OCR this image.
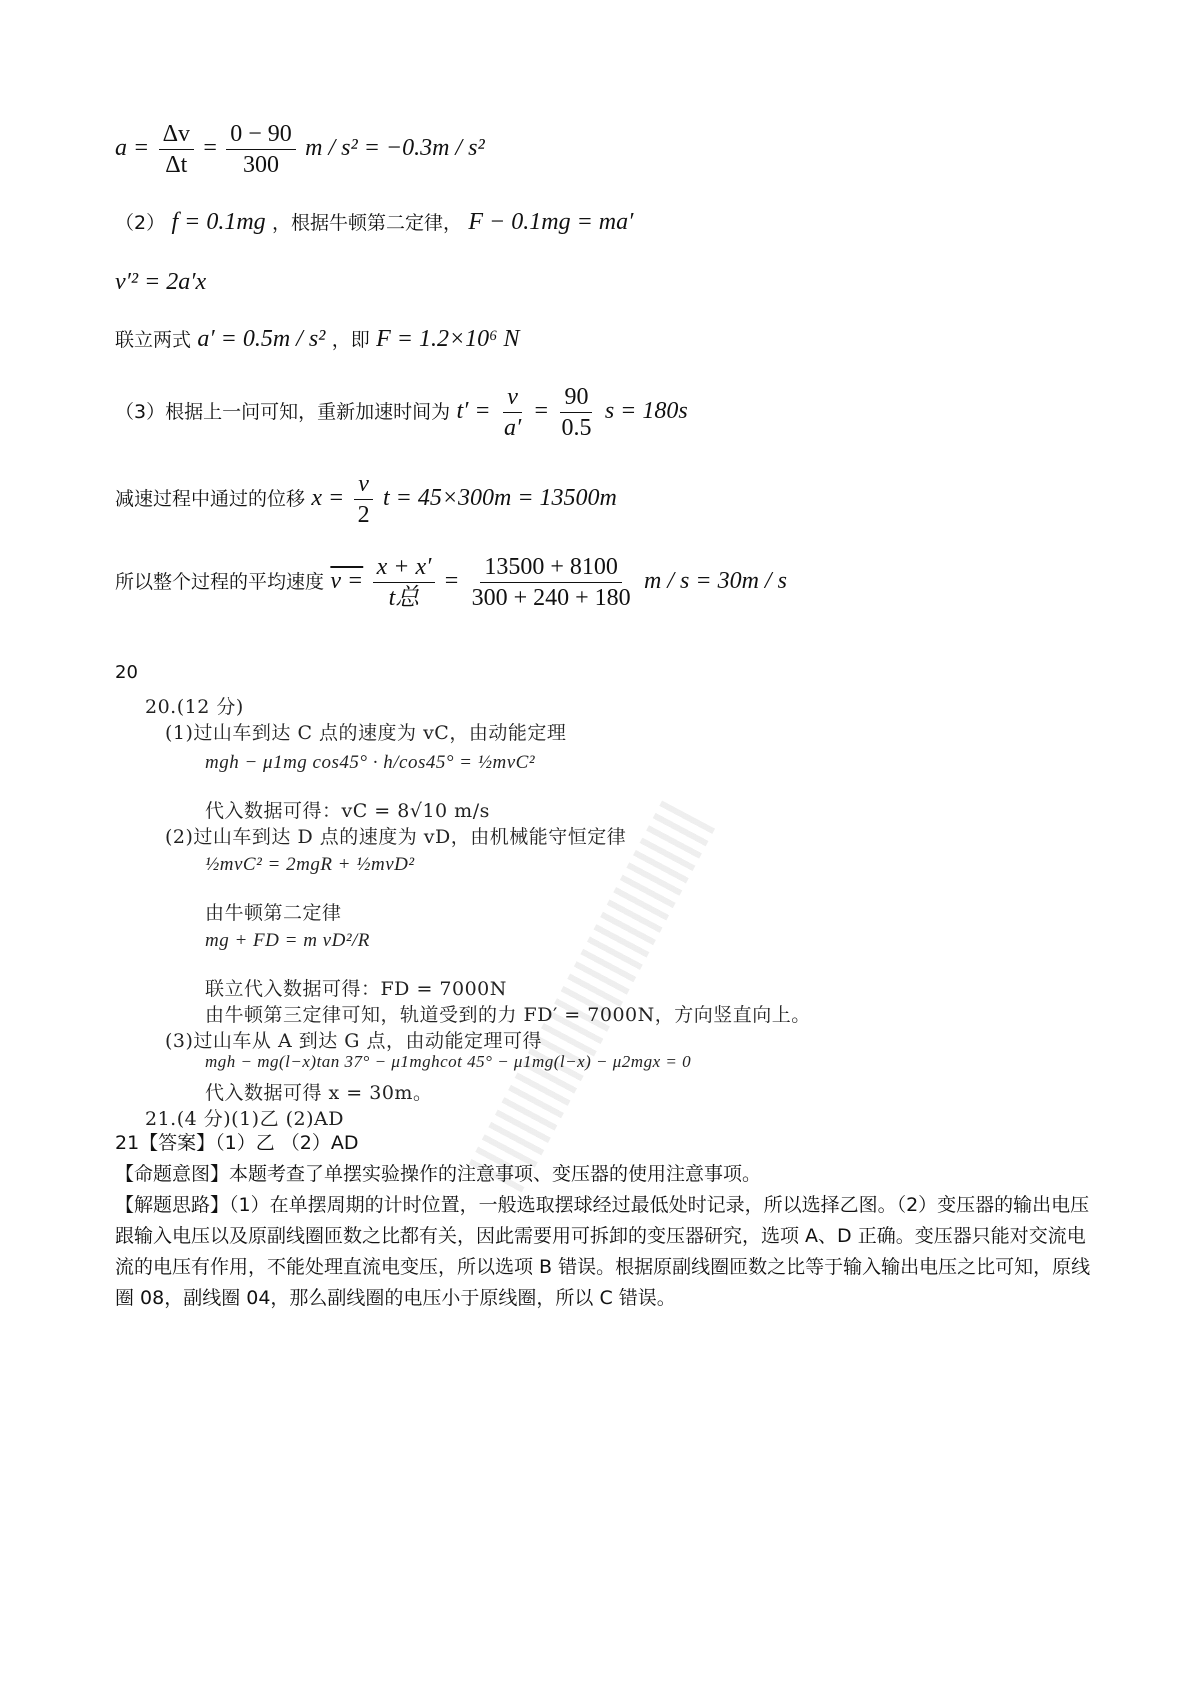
$a = \frac{\Delta v}{\Delta t} = \frac{0 - 90}{300}$ m / s² = −0.3m / s²
（2） f = 0.1mg ，根据牛顿第二定律， F − 0.1mg = ma′
v′² = 2a′x
联立两式 a′ = 0.5m / s² ，即 F = 1.2×10⁶ N
（3）根据上一问可知，重新加速时间为 $t' = \frac{v}{a'} = \frac{90}{0.5}$ s = 180s
减速过程中通过的位移 $x = \frac{v}{2}$ t = 45×300m = 13500m
所以整个过程的平均速度 $v = \frac{x + x'}{\text{t总}} = \frac{13500 + 8100}{300 + 240 + 180}$ m / s = 30m / s
20
20.(12 分)
(1)过山车到达 C 点的速度为 vC，由动能定理
mgh − μ1mg cos45° · h/cos45° = ½mvC²
代入数据可得：vC = 8√10 m/s
(2)过山车到达 D 点的速度为 vD，由机械能守恒定律
½mvC² = 2mgR + ½mvD²
由牛顿第二定律
mg + FD = m vD²/R
联立代入数据可得：FD = 7000N
由牛顿第三定律可知，轨道受到的力 FD′ = 7000N，方向竖直向上。
(3)过山车从 A 到达 G 点，由动能定理可得
mgh − mg(l−x)tan 37° − μ1mghcot 45° − μ1mg(l−x) − μ2mgx = 0
代入数据可得 x = 30m。
21.(4 分)(1)乙 (2)AD
21【答案】（1）乙 （2）AD
【命题意图】本题考查了单摆实验操作的注意事项、变压器的使用注意事项。
【解题思路】（1）在单摆周期的计时位置，一般选取摆球经过最低处时记录，所以选择乙图。（2）变压器的输出电压跟输入电压以及原副线圈匝数之比都有关，因此需要用可拆卸的变压器研究，选项 A、D 正确。变压器只能对交流电流的电压有作用，不能处理直流电变压，所以选项 B 错误。根据原副线圈匝数之比等于输入输出电压之比可知，原线圈 08，副线圈 04，那么副线圈的电压小于原线圈，所以 C 错误。
